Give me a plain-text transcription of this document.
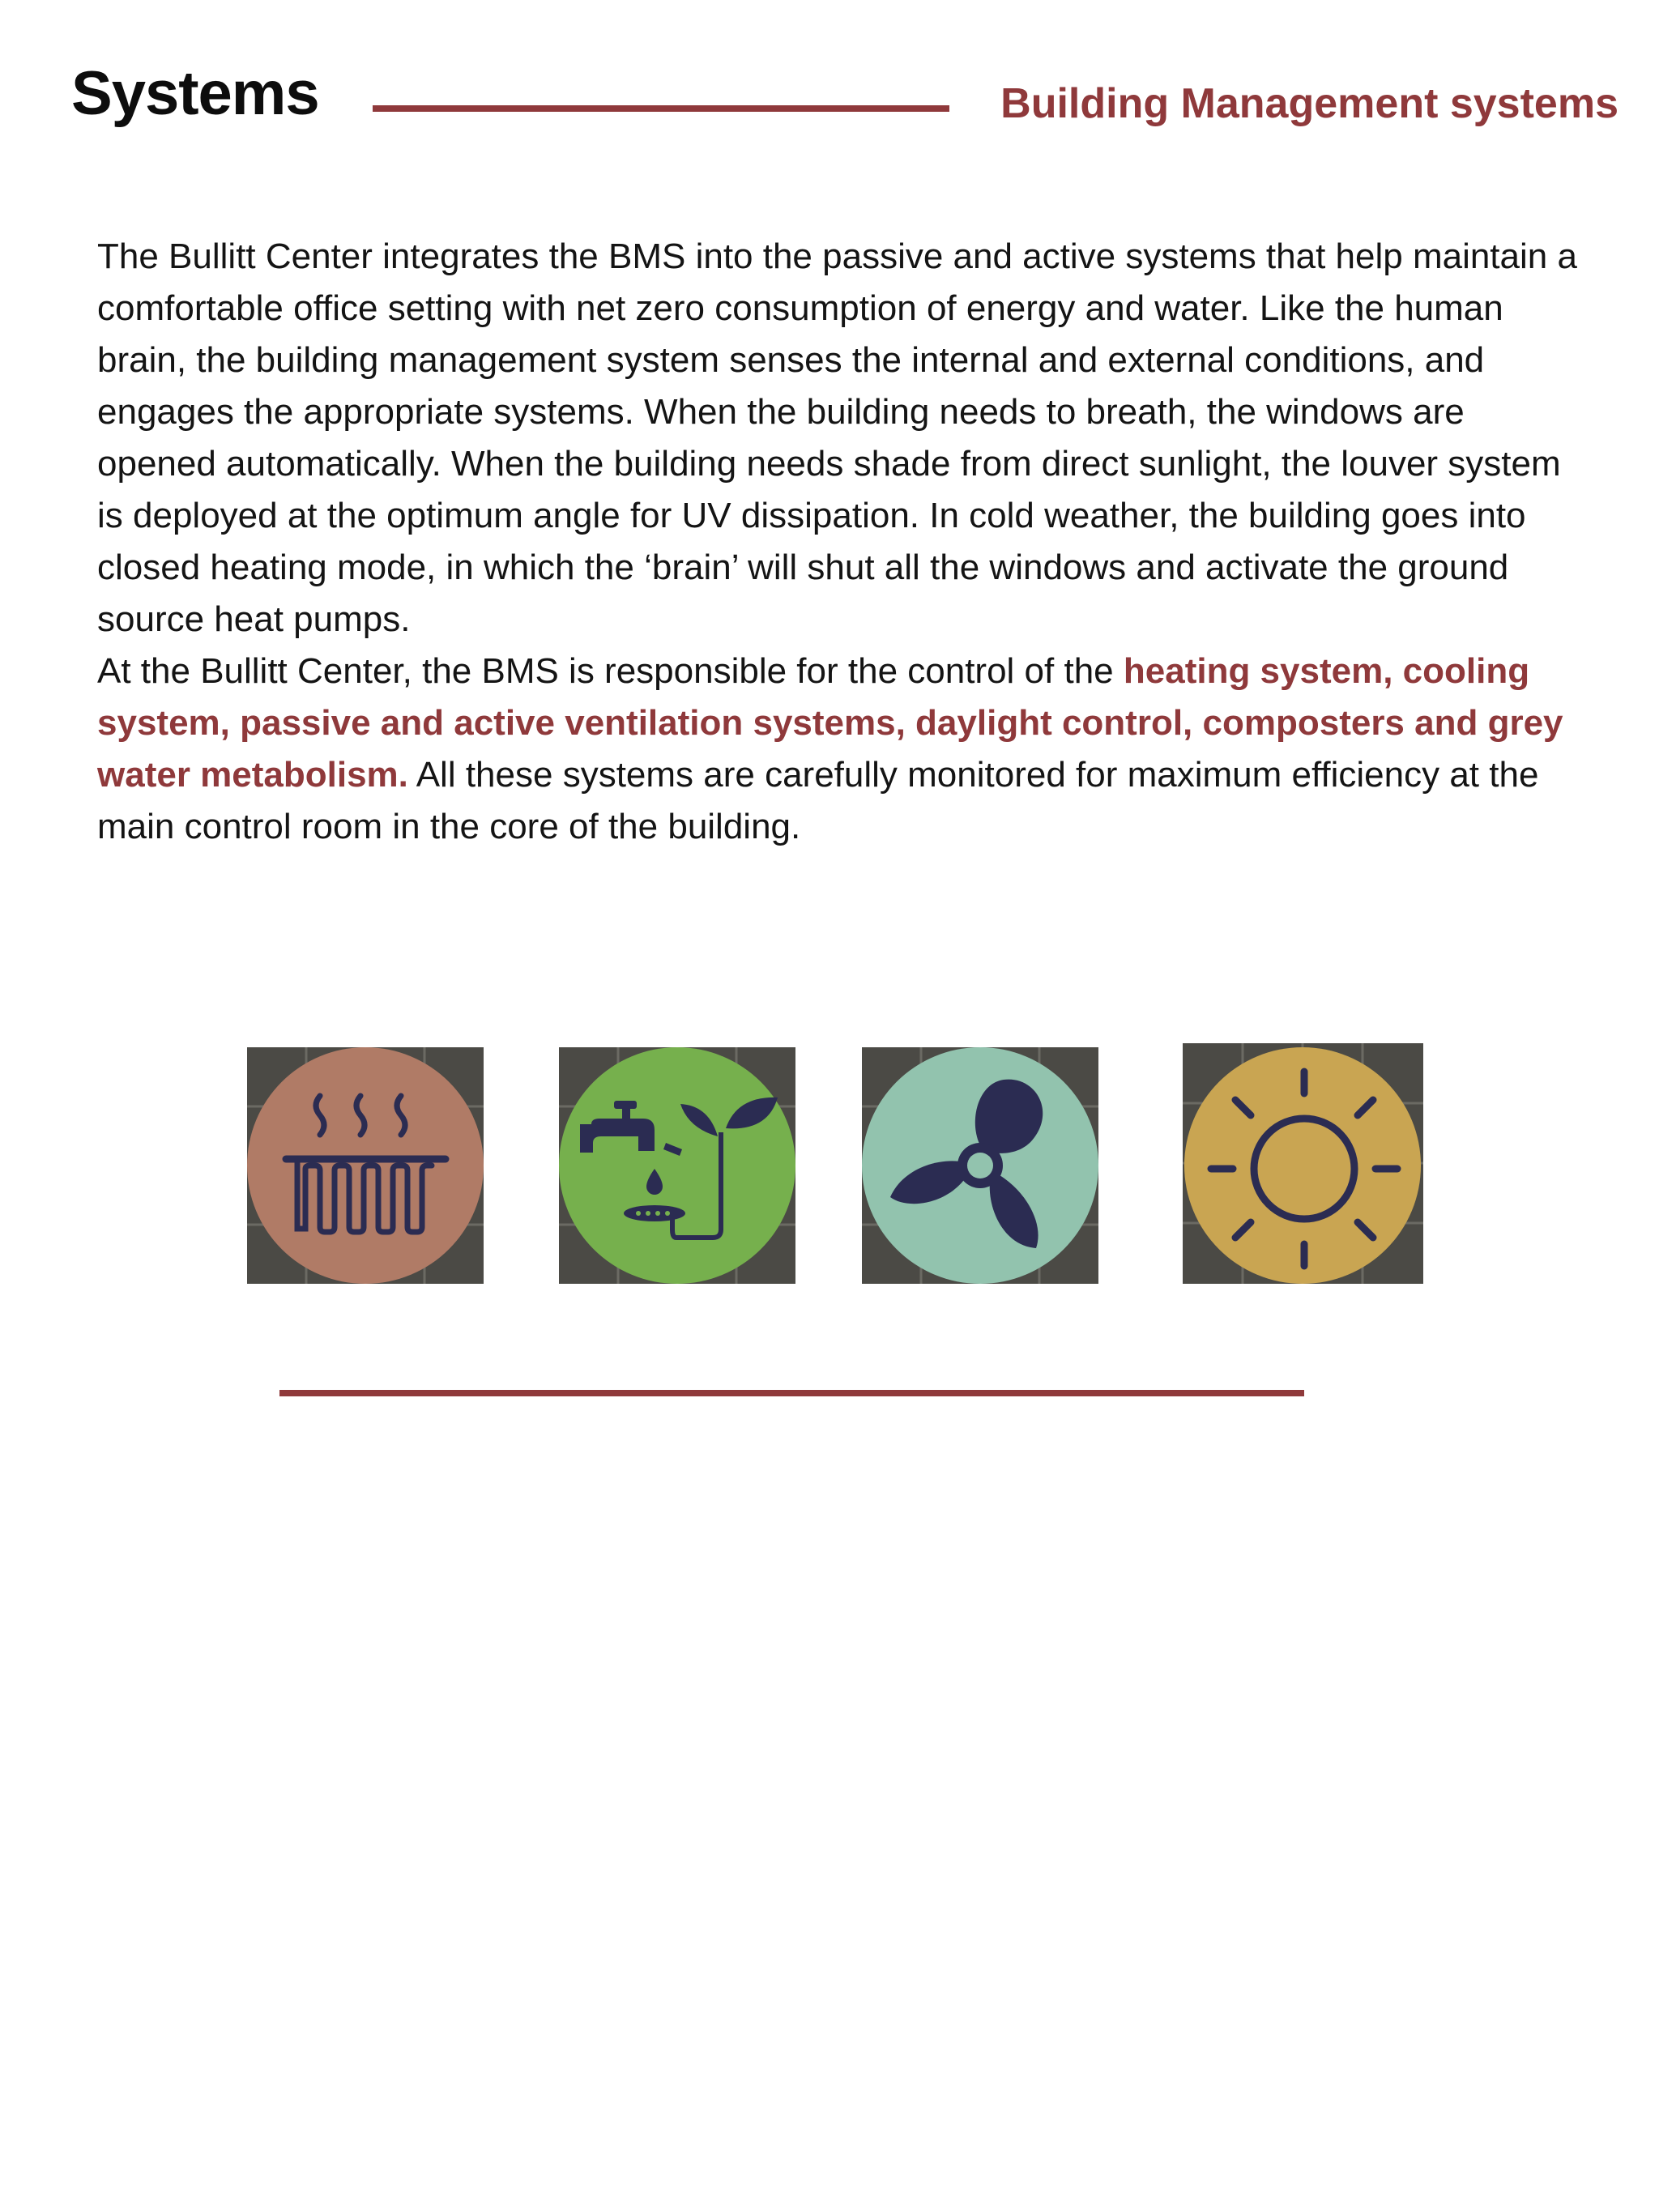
Systems	Building Management systems

The Bullitt Center integrates the BMS into the passive and active systems that help maintain a comfortable office setting with net zero consumption of energy and water. Like the human brain, the building management system senses the internal and external conditions, and engages the appropriate systems. When the building needs to breath, the windows are opened automatically. When the building needs shade from direct sunlight, the louver system is deployed at the optimum angle for UV dissipation. In cold weather, the building goes into closed heating mode, in which the ‘brain’ will shut all the windows and activate the ground source heat pumps.

At the Bullitt Center, the BMS is responsible for the control of the heating system, cooling system, passive and active ventilation systems, daylight control, composters and grey water metabolism. All these systems are carefully monitored for maximum efficiency at the main control room in the core of the building.
